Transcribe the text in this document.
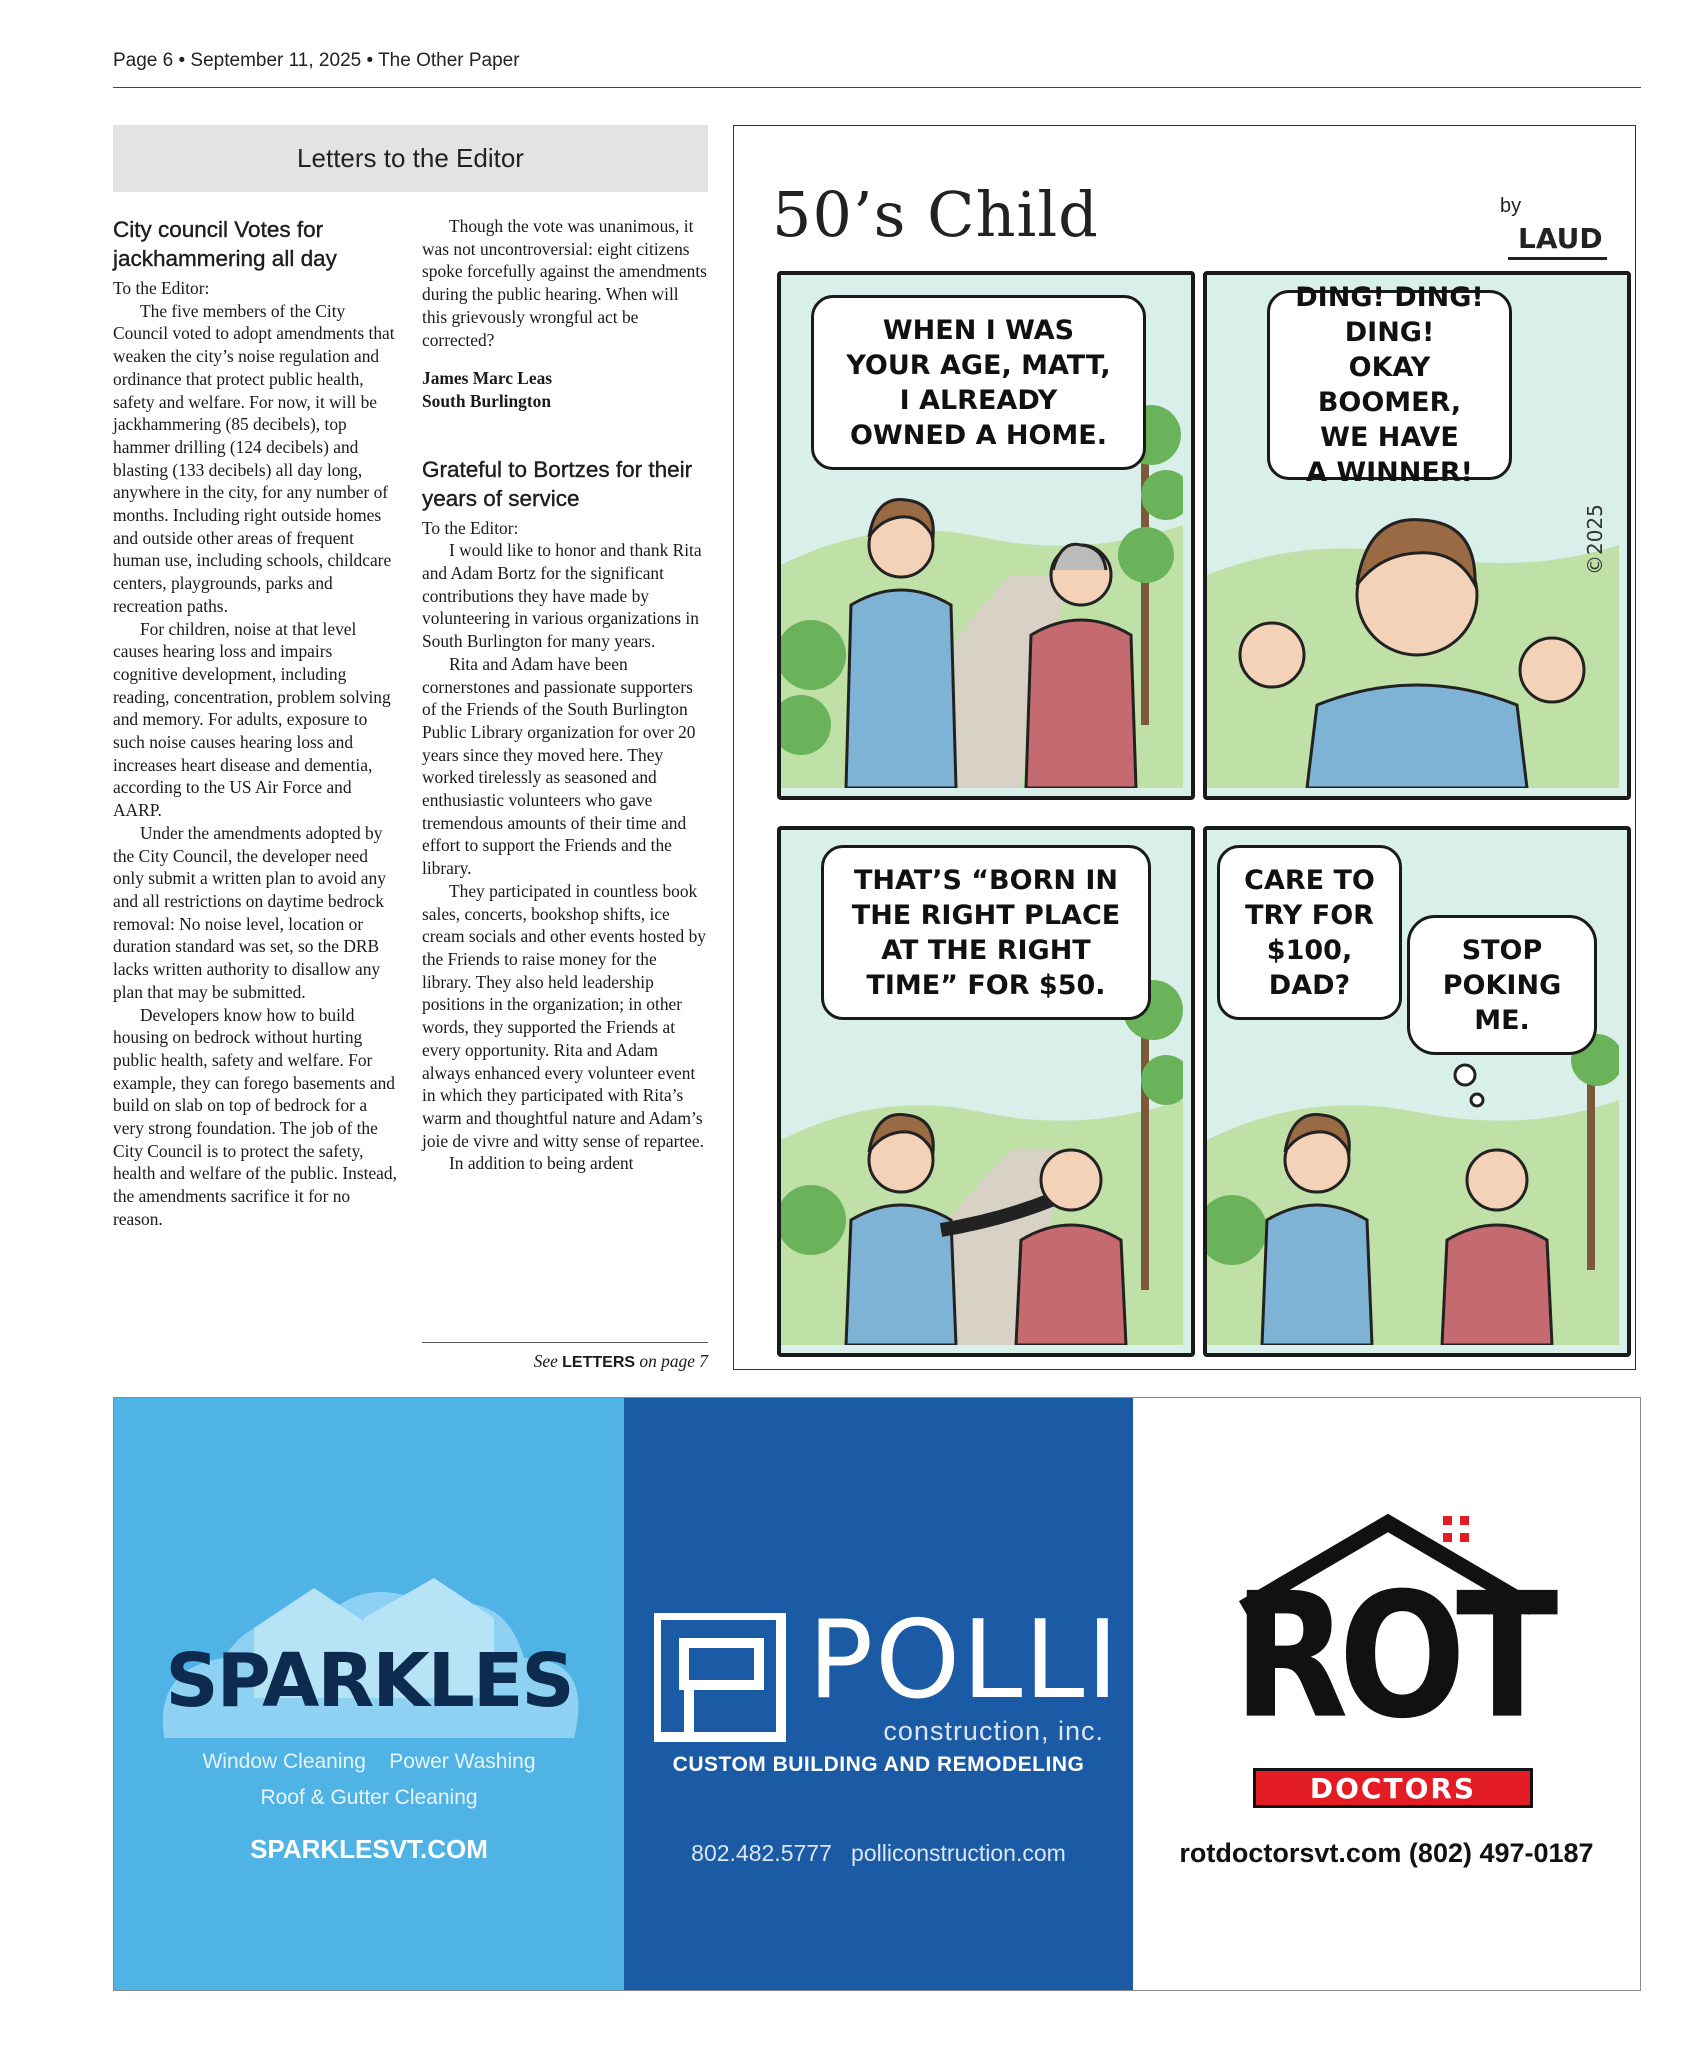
Page 6 • September 11, 2025 • The Other Paper
Letters to the Editor
City council Votes for jackhammering all day

To the Editor:

The five members of the City Council voted to adopt amendments that weaken the city’s noise regulation and ordinance that protect public health, safety and welfare. For now, it will be jackhammering (85 decibels), top hammer drilling (124 decibels) and blasting (133 decibels) all day long, anywhere in the city, for any number of months. Including right outside homes and outside other areas of frequent human use, including schools, childcare centers, playgrounds, parks and recreation paths.

For children, noise at that level causes hearing loss and impairs cognitive development, including reading, concentration, problem solving and memory. For adults, exposure to such noise causes hearing loss and increases heart disease and dementia, according to the US Air Force and AARP.

Under the amendments adopted by the City Council, the developer need only submit a written plan to avoid any and all restrictions on daytime bedrock removal: No noise level, location or duration standard was set, so the DRB lacks written authority to disallow any plan that may be submitted.

Developers know how to build housing on bedrock without hurting public health, safety and welfare. For example, they can forego basements and build on slab on top of bedrock for a very strong foundation. The job of the City Council is to protect the safety, health and welfare of the public. Instead, the amendments sacrifice it for no reason.

Though the vote was unanimous, it was not uncontroversial: eight citizens spoke forcefully against the amendments during the public hearing. When will this grievously wrongful act be corrected?

James Marc Leas

South Burlington

Grateful to Bortzes for their years of service

To the Editor:

I would like to honor and thank Rita and Adam Bortz for the significant contributions they have made by volunteering in various organizations in South Burlington for many years.

Rita and Adam have been cornerstones and passionate supporters of the Friends of the South Burlington Public Library organization for over 20 years since they moved here. They worked tirelessly as seasoned and enthusiastic volunteers who gave tremendous amounts of their time and effort to support the Friends and the library.

They participated in countless book sales, concerts, bookshop shifts, ice cream socials and other events hosted by the Friends to raise money for the library. They also held leadership positions in the organization; in other words, they supported the Friends at every opportunity. Rita and Adam always enhanced every volunteer event in which they participated with Rita’s warm and thoughtful nature and Adam’s joie de vivre and witty sense of repartee.

In addition to being ardent

See LETTERS on page 7
50’s Child	by
LAUD
WHEN I WAS
YOUR AGE, MATT,
I ALREADY
OWNED A HOME.
DING! DING!
DING!
OKAY BOOMER,
WE HAVE
A WINNER!
©2025
THAT’S “BORN IN
THE RIGHT PLACE
AT THE RIGHT
TIME” FOR $50.
CARE TO
TRY FOR
$100,
DAD?
STOP
POKING
ME.
SPARKLES
Window Cleaning    Power Washing
Roof & Gutter Cleaning
SPARKLESVT.COM
POLLI
construction, inc.
CUSTOM BUILDING AND REMODELING
802.482.5777   polliconstruction.com
ROT
DOCTORS
rotdoctorsvt.com (802) 497-0187
